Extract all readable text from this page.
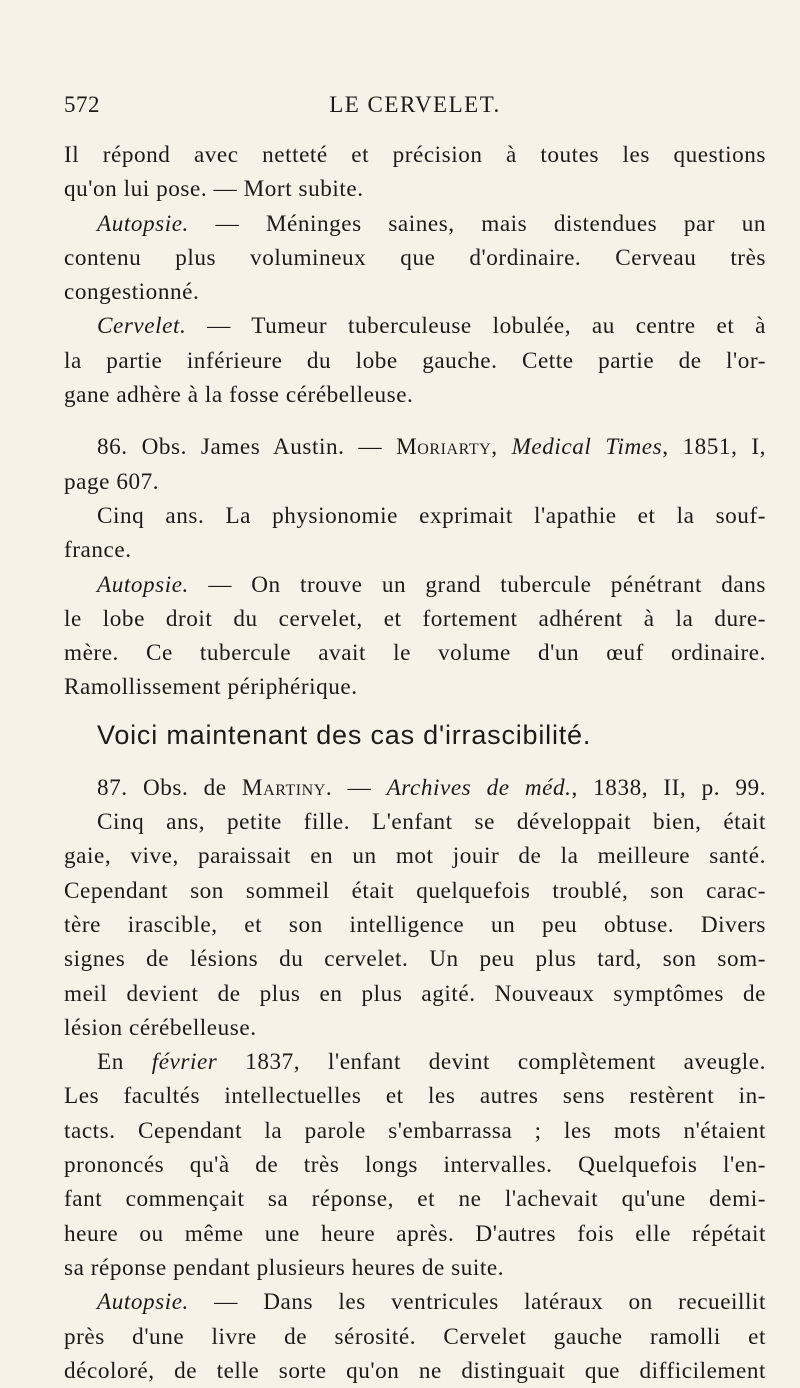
572	LE CERVELET.
Il répond avec netteté et précision à toutes les questions
qu'on lui pose. — Mort subite.
Autopsie. — Méninges saines, mais distendues par un
contenu plus volumineux que d'ordinaire. Cerveau très
congestionné.
Cervelet. — Tumeur tuberculeuse lobulée, au centre et à
la partie inférieure du lobe gauche. Cette partie de l'or-
gane adhère à la fosse cérébelleuse.
86. Obs. James Austin. — Moriarty, Medical Times, 1851, I,
page 607.
Cinq ans. La physionomie exprimait l'apathie et la souf-
france.
Autopsie. — On trouve un grand tubercule pénétrant dans
le lobe droit du cervelet, et fortement adhérent à la dure-
mère. Ce tubercule avait le volume d'un œuf ordinaire.
Ramollissement périphérique.
Voici maintenant des cas d'irrascibilité.
87. Obs. de Martiny. — Archives de méd., 1838, II, p. 99.
Cinq ans, petite fille. L'enfant se développait bien, était
gaie, vive, paraissait en un mot jouir de la meilleure santé.
Cependant son sommeil était quelquefois troublé, son carac-
tère irascible, et son intelligence un peu obtuse. Divers
signes de lésions du cervelet. Un peu plus tard, son som-
meil devient de plus en plus agité. Nouveaux symptômes de
lésion cérébelleuse.
En février 1837, l'enfant devint complètement aveugle.
Les facultés intellectuelles et les autres sens restèrent in-
tacts. Cependant la parole s'embarrassa ; les mots n'étaient
prononcés qu'à de très longs intervalles. Quelquefois l'en-
fant commençait sa réponse, et ne l'achevait qu'une demi-
heure ou même une heure après. D'autres fois elle répétait
sa réponse pendant plusieurs heures de suite.
Autopsie. — Dans les ventricules latéraux on recueillit
près d'une livre de sérosité. Cervelet gauche ramolli et
décoloré, de telle sorte qu'on ne distinguait que difficilement
